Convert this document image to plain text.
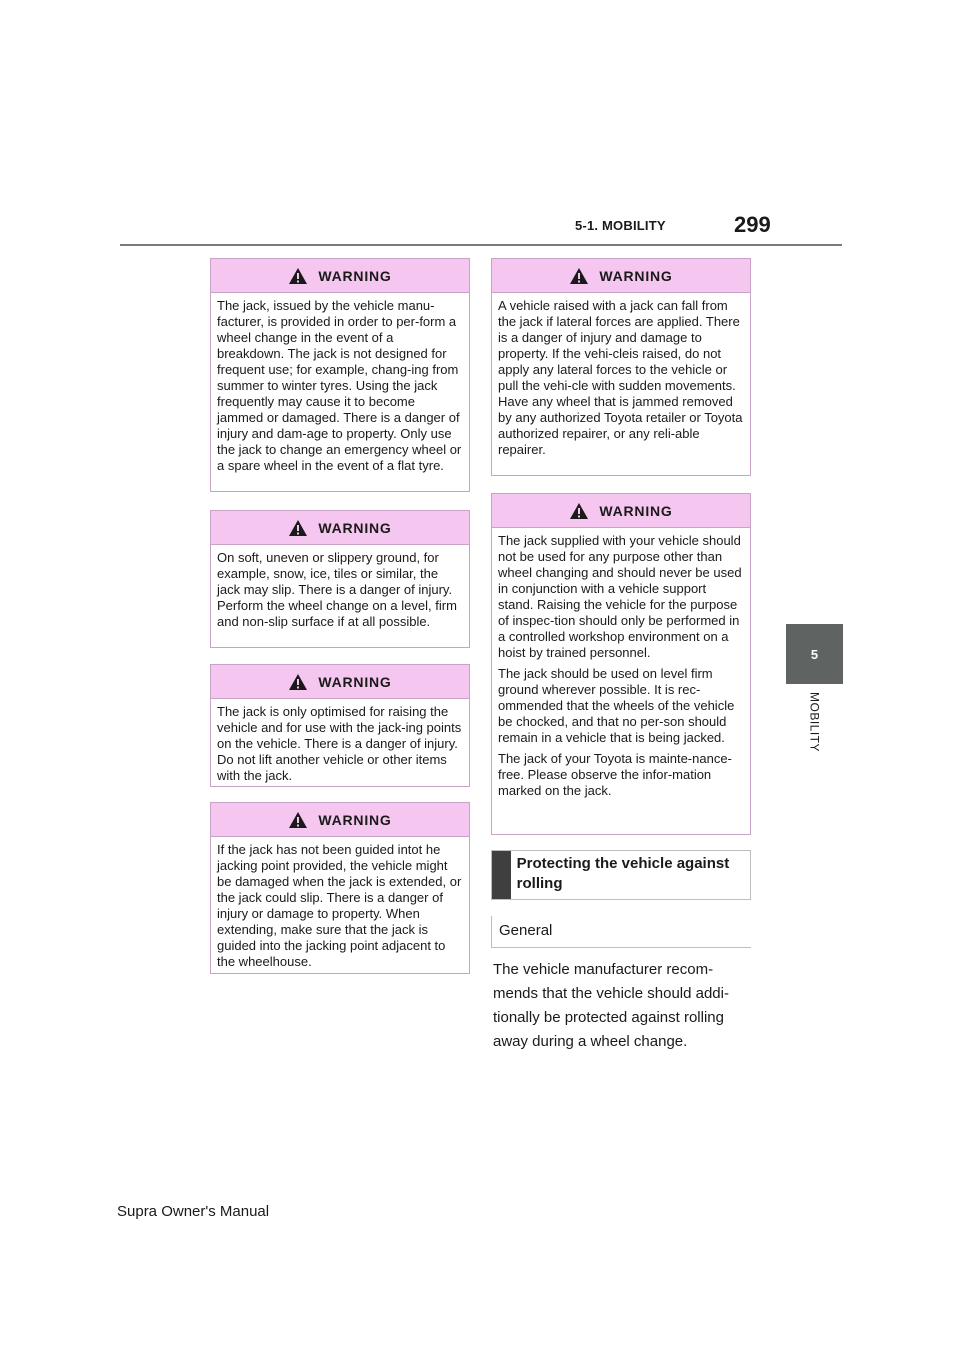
5-1. MOBILITY	299
5
MOBILITY
WARNING

The jack, issued by the vehicle manu-facturer, is provided in order to per-form a wheel change in the event of a breakdown. The jack is not designed for frequent use; for example, chang-ing from summer to winter tyres. Using the jack frequently may cause it to become jammed or damaged. There is a danger of injury and dam-age to property. Only use the jack to change an emergency wheel or a spare wheel in the event of a flat tyre.

WARNING

On soft, uneven or slippery ground, for example, snow, ice, tiles or similar, the jack may slip. There is a danger of injury. Perform the wheel change on a level, firm and non-slip surface if at all possible.

WARNING

The jack is only optimised for raising the vehicle and for use with the jack-ing points on the vehicle. There is a danger of injury. Do not lift another vehicle or other items with the jack.

WARNING

If the jack has not been guided intot he jacking point provided, the vehicle might be damaged when the jack is extended, or the jack could slip. There is a danger of injury or damage to property. When extending, make sure that the jack is guided into the jacking point adjacent to the wheelhouse.

WARNING

A vehicle raised with a jack can fall from the jack if lateral forces are applied. There is a danger of injury and damage to property. If the vehi-cleis raised, do not apply any lateral forces to the vehicle or pull the vehi-cle with sudden movements. Have any wheel that is jammed removed by any authorized Toyota retailer or Toyota authorized repairer, or any reli-able repairer.

WARNING

The jack supplied with your vehicle should not be used for any purpose other than wheel changing and should never be used in conjunction with a vehicle support stand. Raising the vehicle for the purpose of inspec-tion should only be performed in a controlled workshop environment on a hoist by trained personnel.

The jack should be used on level firm ground wherever possible. It is rec-ommended that the wheels of the vehicle be chocked, and that no per-son should remain in a vehicle that is being jacked.

The jack of your Toyota is mainte-nance-free. Please observe the infor-mation marked on the jack.

Protecting the vehicle against rolling
General
The vehicle manufacturer recom-mends that the vehicle should addi-tionally be protected against rolling away during a wheel change.
Supra Owner's Manual
